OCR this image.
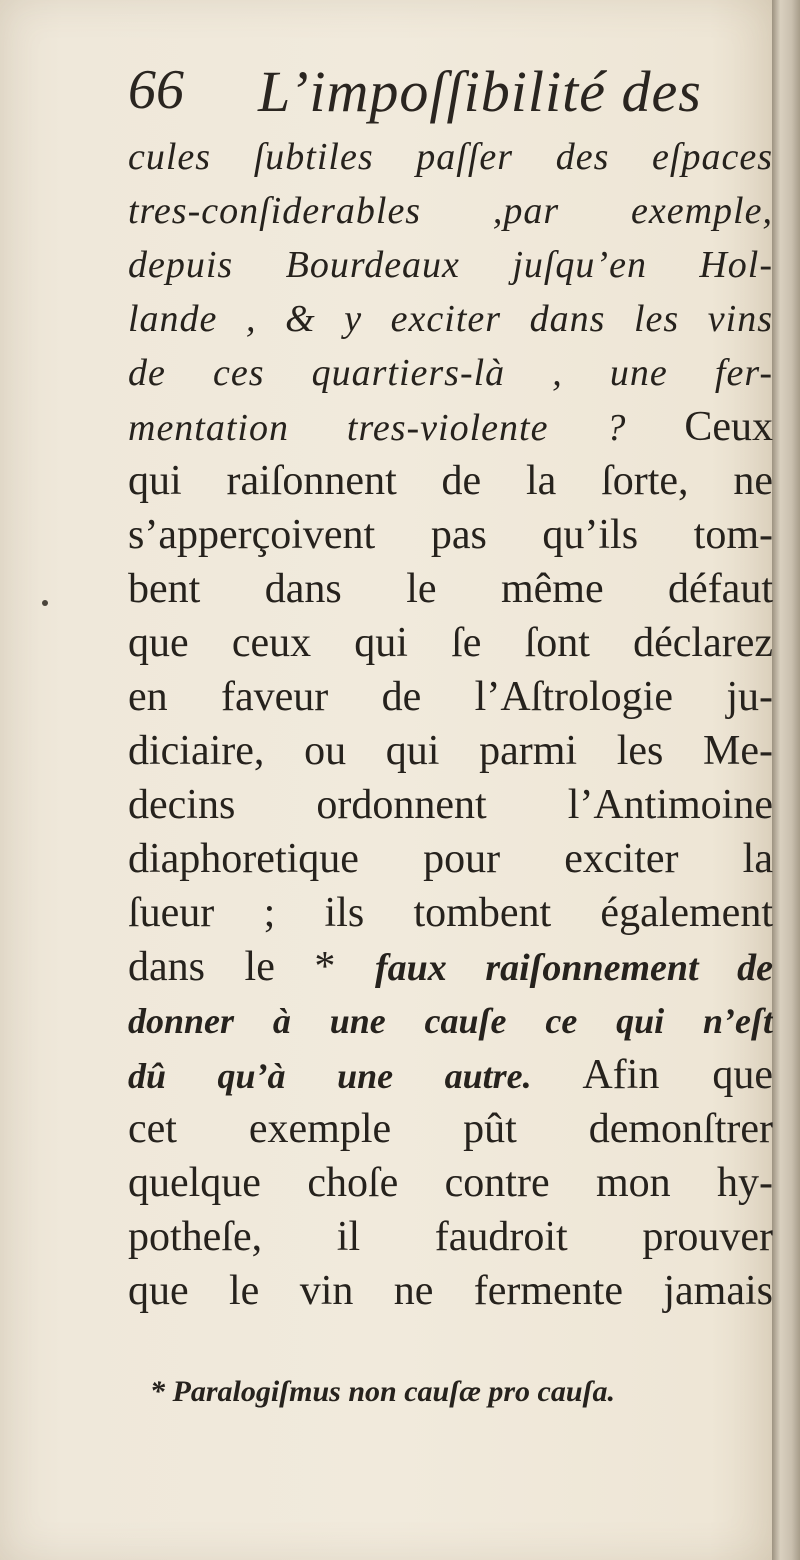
66 L’impoſſibilité des
cules ſubtiles paſſer des eſpaces
tres-conſiderables ,par exemple,
depuis Bourdeaux juſqu’en Hol-
lande , & y exciter dans les vins
de ces quartiers-là , une fer-
mentation tres-violente ? Ceux
qui raiſonnent de la ſorte, ne
s’apperçoivent pas qu’ils tom-
bent dans le même défaut
que ceux qui ſe ſont déclarez
en faveur de l’Aſtrologie ju-
diciaire, ou qui parmi les Me-
decins ordonnent l’Antimoine
diaphoretique pour exciter la
ſueur ; ils tombent également
dans le * faux raiſonnement de
donner à une cauſe ce qui n’eſt
dû qu’à une autre. Afin que
cet exemple pût demonſtrer
quelque choſe contre mon hy-
potheſe, il faudroit prouver
que le vin ne fermente jamais
* Paralogiſmus non cauſæ pro cauſa.
